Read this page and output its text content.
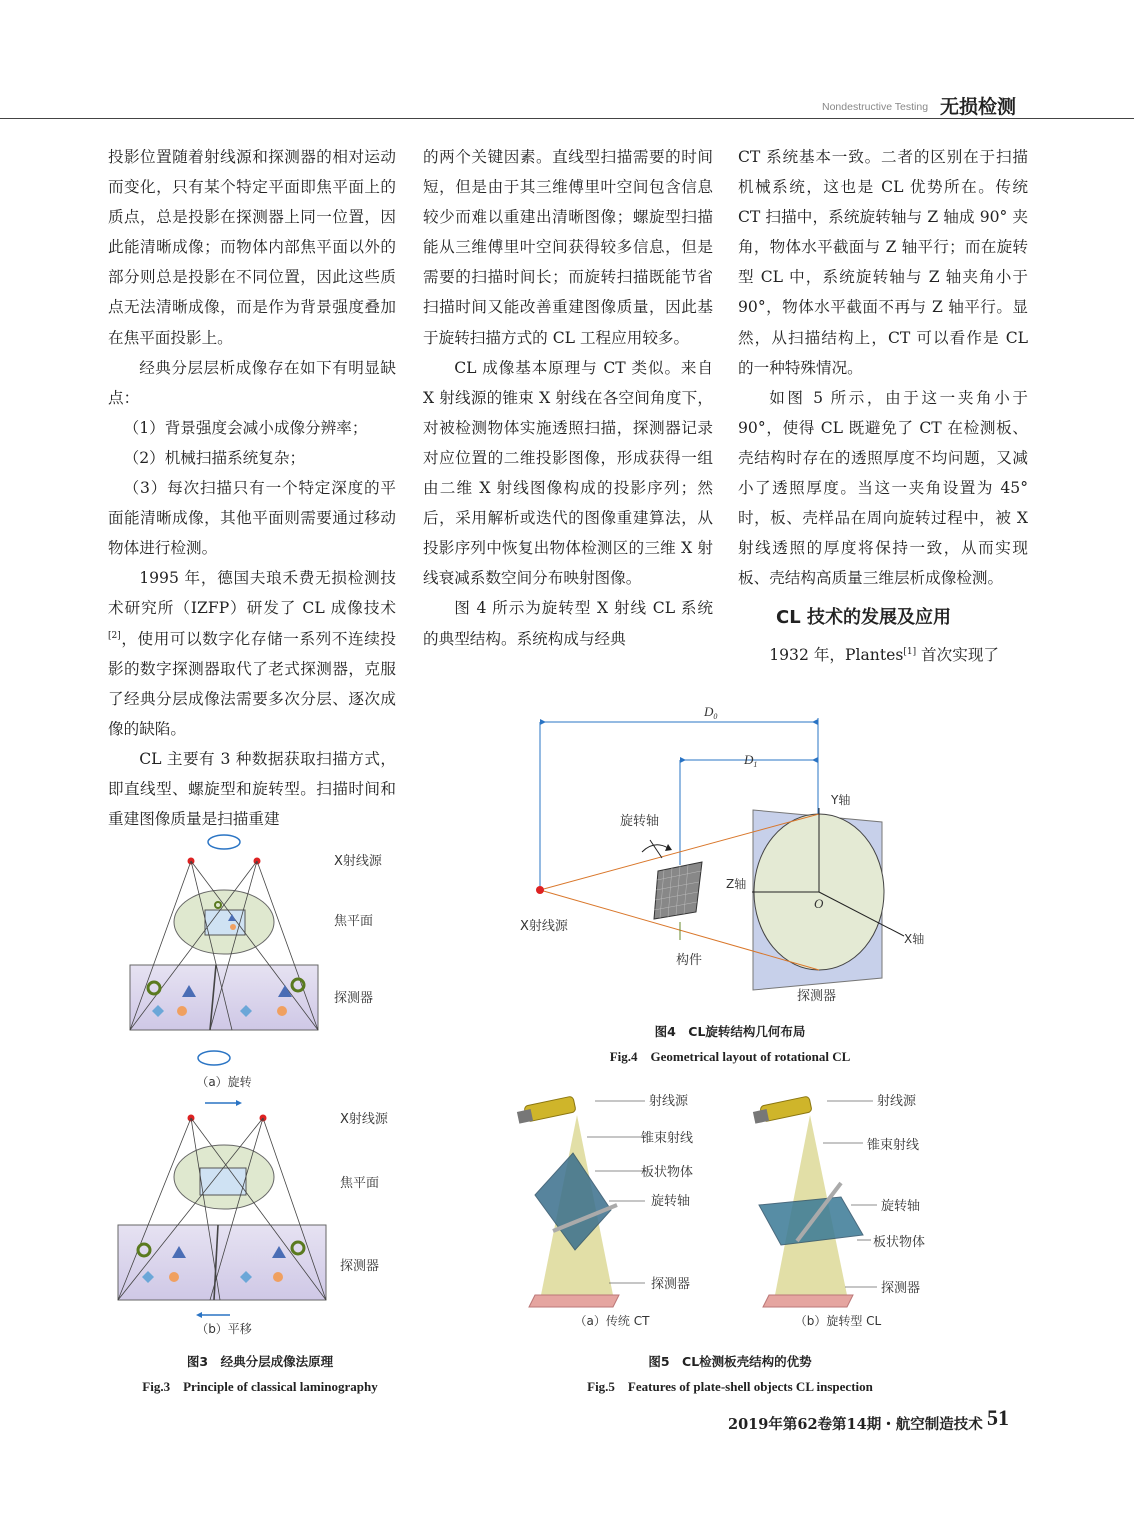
Nondestructive Testing 无损检测

投影位置随着射线源和探测器的相对运动而变化，只有某个特定平面即焦平面上的质点，总是投影在探测器上同一位置，因此能清晰成像；而物体内部焦平面以外的部分则总是投影在不同位置，因此这些质点无法清晰成像，而是作为背景强度叠加在焦平面投影上。

经典分层层析成像存在如下有明显缺点：

（1）背景强度会减小成像分辨率；

（2）机械扫描系统复杂；

（3）每次扫描只有一个特定深度的平面能清晰成像，其他平面则需要通过移动物体进行检测。

1995 年，德国夫琅禾费无损检测技术研究所（IZFP）研发了 CL 成像技术[2]，使用可以数字化存储一系列不连续投影的数字探测器取代了老式探测器，克服了经典分层成像法需要多次分层、逐次成像的缺陷。

CL 主要有 3 种数据获取扫描方式，即直线型、螺旋型和旋转型。扫描时间和重建图像质量是扫描重建

的两个关键因素。直线型扫描需要的时间短，但是由于其三维傅里叶空间包含信息较少而难以重建出清晰图像；螺旋型扫描能从三维傅里叶空间获得较多信息，但是需要的扫描时间长；而旋转扫描既能节省扫描时间又能改善重建图像质量，因此基于旋转扫描方式的 CL 工程应用较多。

CL 成像基本原理与 CT 类似。来自 X 射线源的锥束 X 射线在各空间角度下，对被检测物体实施透照扫描，探测器记录对应位置的二维投影图像，形成获得一组由二维 X 射线图像构成的投影序列；然后，采用解析或迭代的图像重建算法，从投影序列中恢复出物体检测区的三维 X 射线衰减系数空间分布映射图像。

图 4 所示为旋转型 X 射线 CL 系统的典型结构。系统构成与经典

CT 系统基本一致。二者的区别在于扫描机械系统，这也是 CL 优势所在。传统 CT 扫描中，系统旋转轴与 Z 轴成 90° 夹角，物体水平截面与 Z 轴平行；而在旋转型 CL 中，系统旋转轴与 Z 轴夹角小于 90°，物体水平截面不再与 Z 轴平行。显然，从扫描结构上，CT 可以看作是 CL 的一种特殊情况。

如图 5 所示，由于这一夹角小于 90°，使得 CL 既避免了 CT 在检测板、壳结构时存在的透照厚度不均问题，又减小了透照厚度。当这一夹角设置为 45° 时，板、壳样品在周向旋转过程中，被 X 射线透照的厚度将保持一致，从而实现板、壳结构高质量三维层析成像检测。

CL 技术的发展及应用

1932 年，Plantes[1] 首次实现了

X射线源
焦平面
探测器
（a）旋转
X射线源
焦平面
探测器
（b）平移
图3　经典分层成像法原理
Fig.3　Principle of classical laminography
$D_0$
$D_1$
Y轴
Z轴
X轴
O
旋转轴
X射线源
构件
探测器
图4　CL旋转结构几何布局
Fig.4　Geometrical layout of rotational CL
射线源
锥束射线
板状物体
旋转轴
探测器
（a）传统 CT
射线源
锥束射线
旋转轴
板状物体
探测器
（b）旋转型 CL
图5　CL检测板壳结构的优势
Fig.5　Features of plate-shell objects CL inspection
2019年第62卷第14期・航空制造技术 51
